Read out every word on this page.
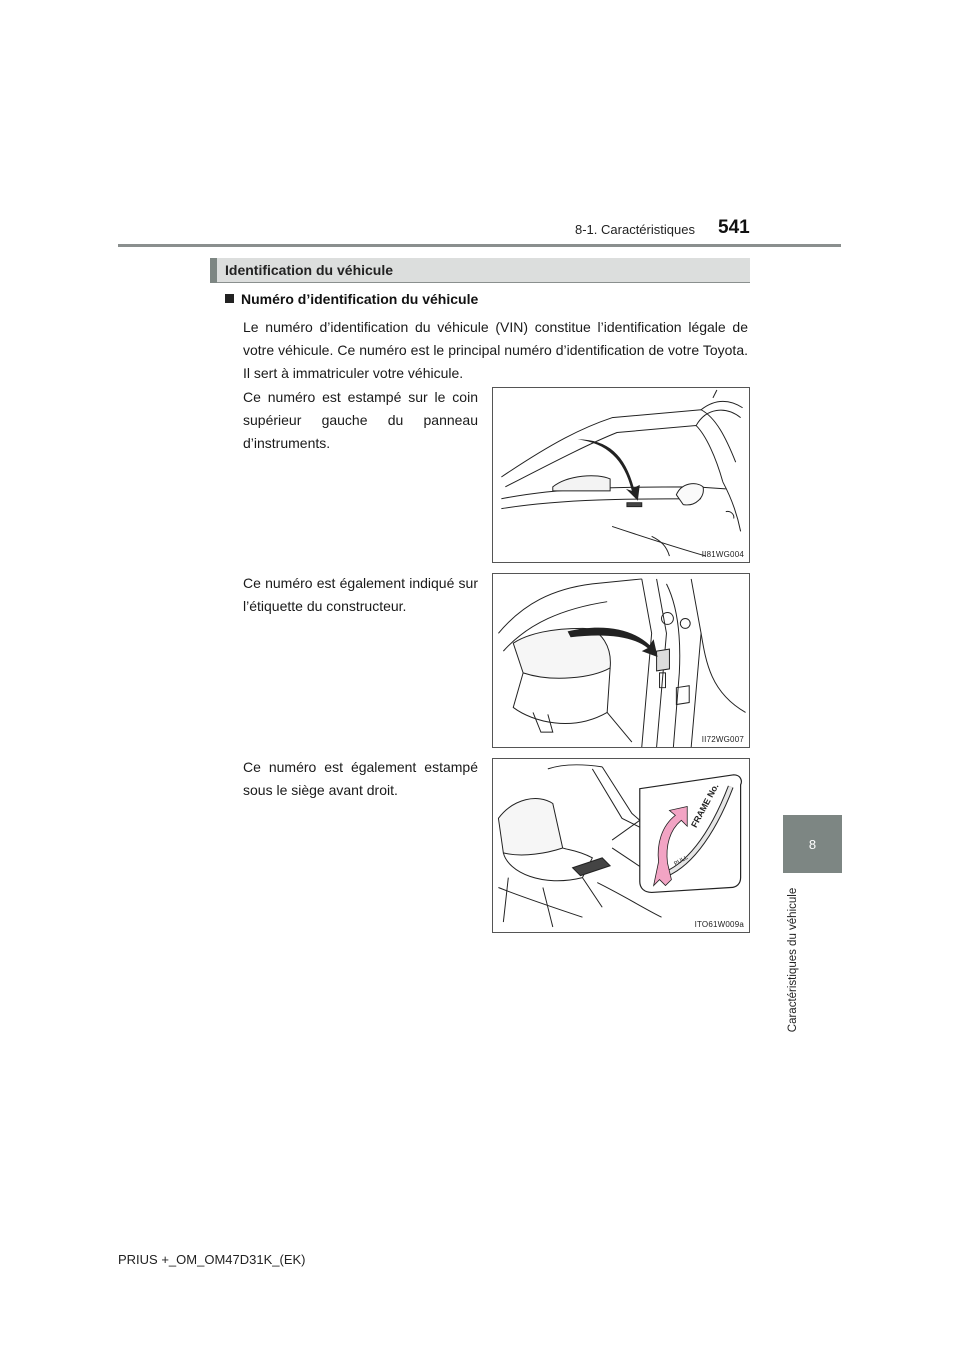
8-1. Caractéristiques 541
8
Caractéristiques du véhicule
Identification du véhicule
Numéro d’identification du véhicule

Le numéro d’identification du véhicule (VIN) constitue l’identification légale de votre véhicule. Ce numéro est le principal numéro d’identification de votre Toyota. Il sert à immatriculer votre véhicule.

Ce numéro est estampé sur le coin supérieur gauche du panneau d’instruments.

Ce numéro est également indiqué sur l’étiquette du constructeur.

Ce numéro est également estampé sous le siège avant droit.

II81WG004
II72WG007
FRAME No.
PULL
ITO61W009a
PRIUS +_OM_OM47D31K_(EK)
